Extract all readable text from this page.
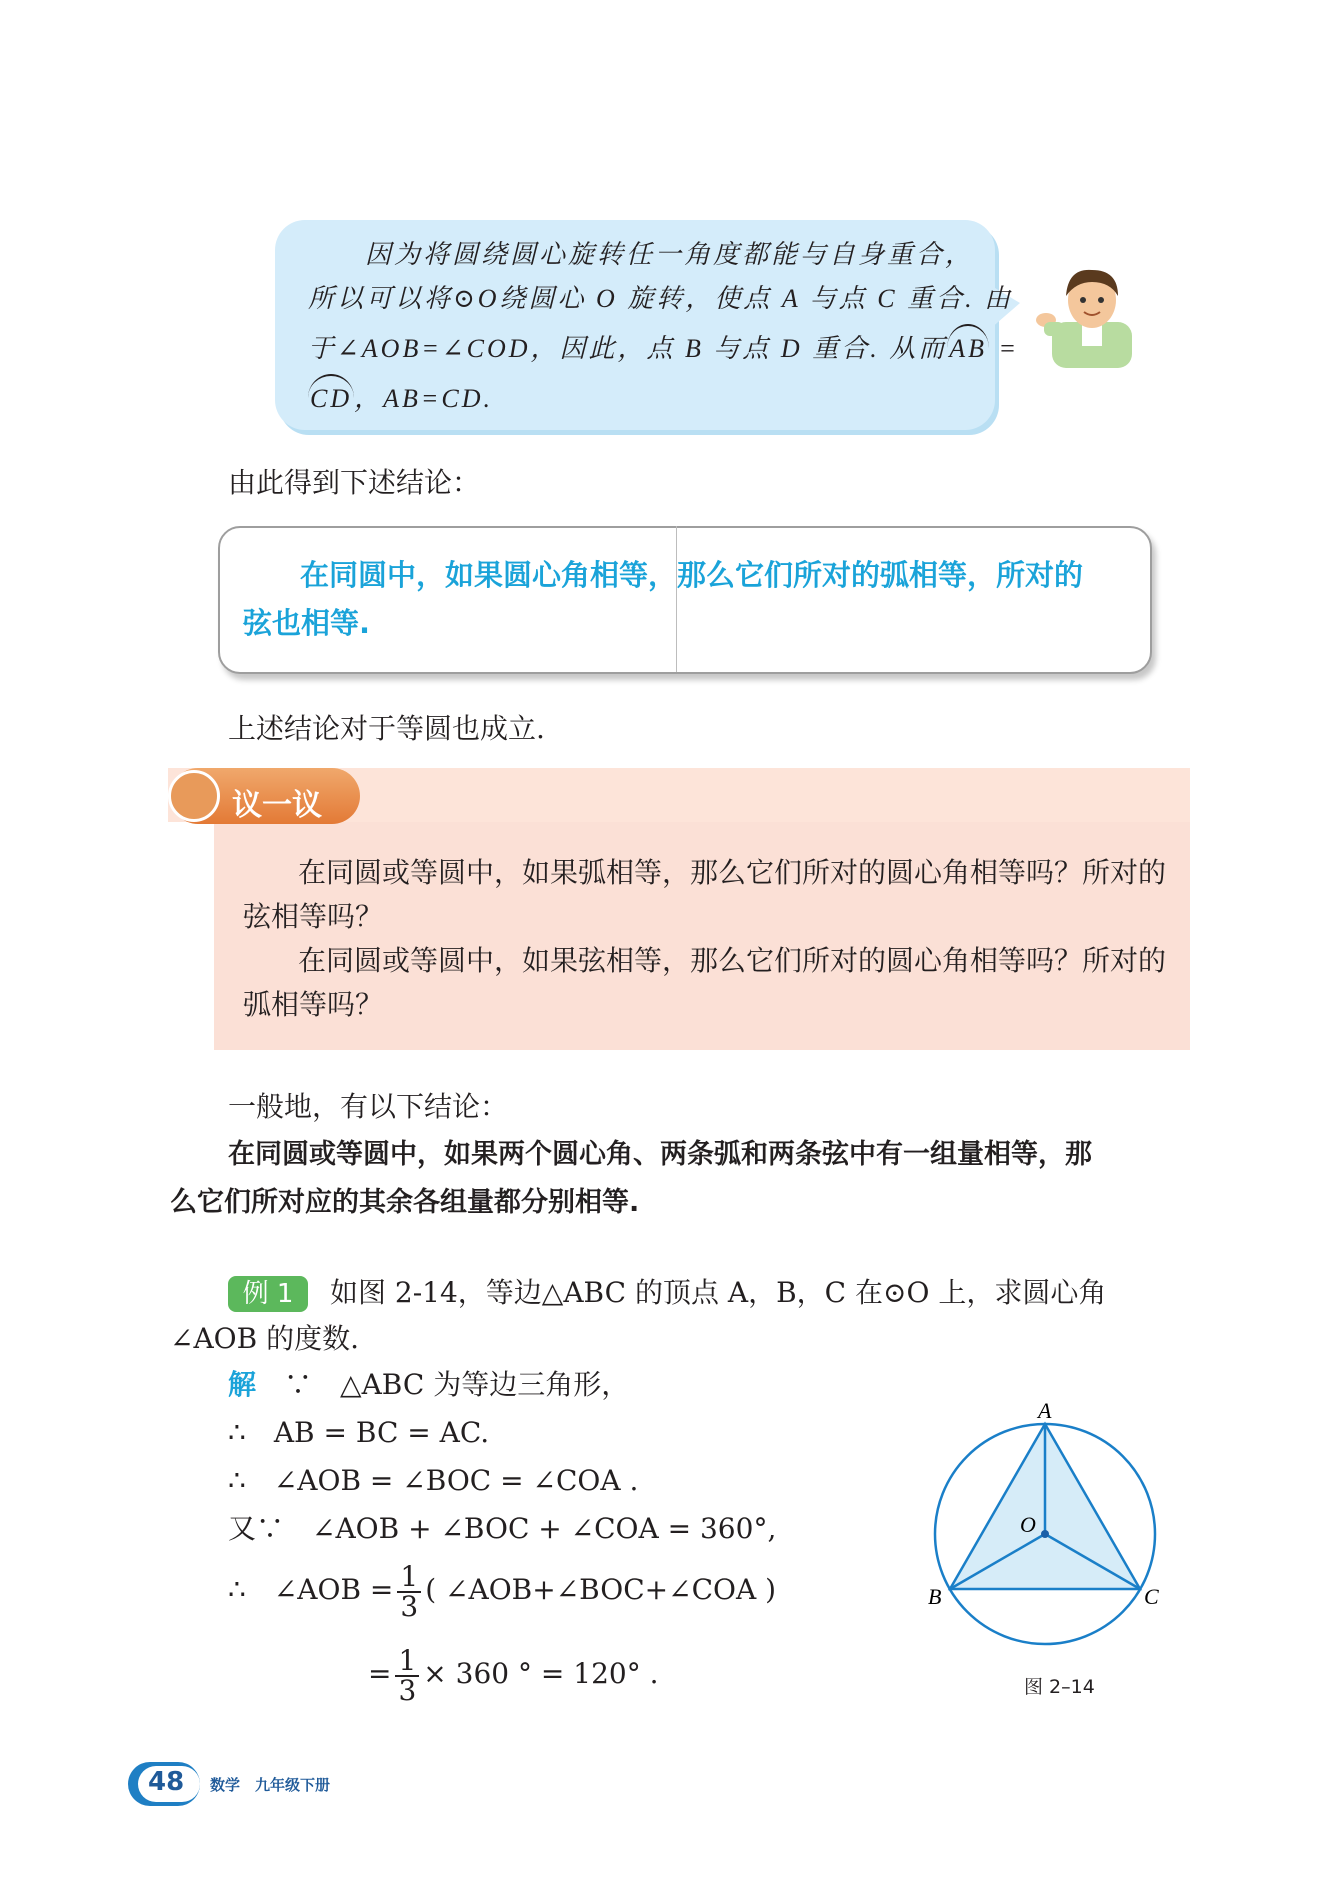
因为将圆绕圆心旋转任一角度都能与自身重合，
所以可以将⊙O绕圆心 O 旋转，使点 A 与点 C 重合. 由
于∠AOB=∠COD，因此，点 B 与点 D 重合. 从而AB =
CD，AB=CD.
由此得到下述结论：
在同圆中，如果圆心角相等，那么它们所对的弧相等，所对的
弦也相等.
上述结论对于等圆也成立.
议一议
在同圆或等圆中，如果弧相等，那么它们所对的圆心角相等吗？所对的
弦相等吗？
在同圆或等圆中，如果弦相等，那么它们所对的圆心角相等吗？所对的
弧相等吗？
一般地，有以下结论：
在同圆或等圆中，如果两个圆心角、两条弧和两条弦中有一组量相等，那
么它们所对应的其余各组量都分别相等.
例 1	如图 2-14，等边△ABC 的顶点 A，B，C 在⊙O 上，求圆心角
∠AOB 的度数.
解　 ∵　△ABC 为等边三角形，
∴　AB = BC = AC.
∴　∠AOB = ∠BOC = ∠COA .
又∵　∠AOB + ∠BOC + ∠COA = 360°,
∴　∠AOB = $\frac{1}{3}$ ( ∠AOB+∠BOC+∠COA )
= $\frac{1}{3} \times 360$ ° = 120° .
A
B	C
O
图 2–14
48 数学　九年级下册
